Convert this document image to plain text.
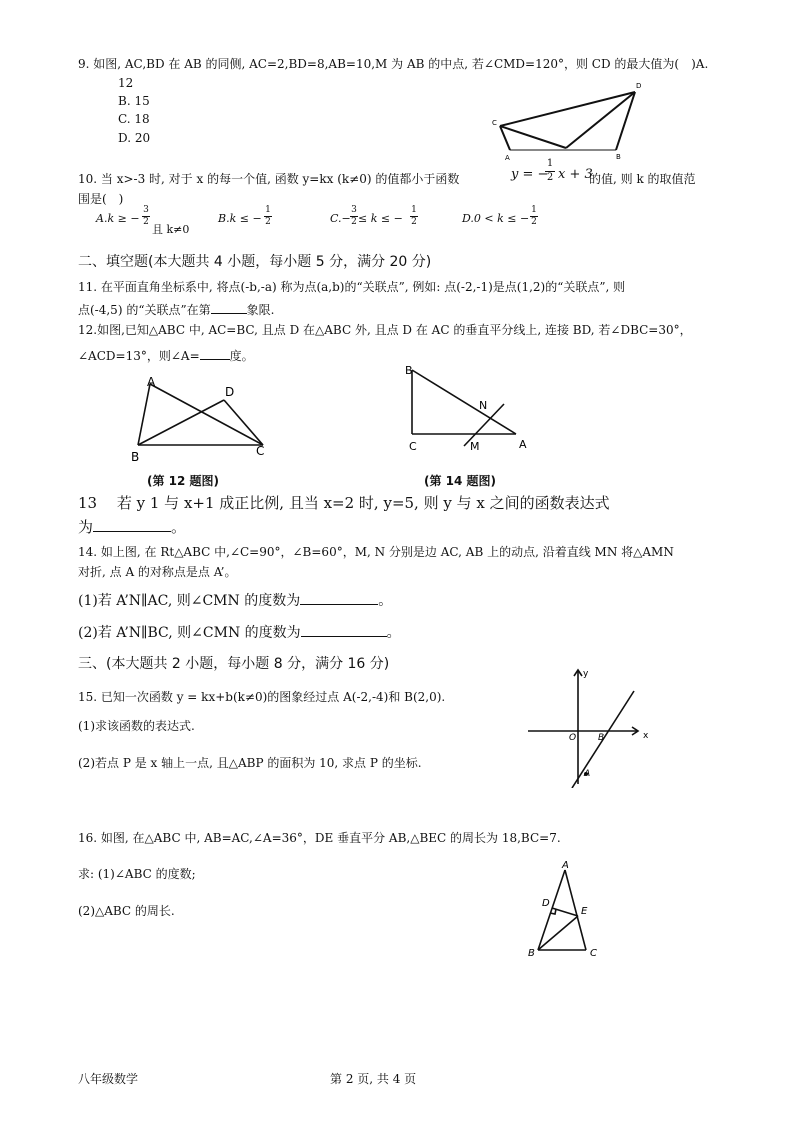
9. 如图, AC,BD 在 AB 的同侧, AC=2,BD=8,AB=10,M 为 AB 的中点, 若∠CMD=120°，则 CD 的最大值为(　)A.
12
B. 15
C. 18
D. 20
C
A
D
B
10. 当 x>-3 时, 对于 x 的每一个值, 函数 y=kx (k≠0) 的值都小于函数	y = −
1
2 x + 3
的值, 则 k 的取值范
围是(　)
A.k ≥ −
3
2
且 k≠0
B.k ≤ −
1
2	C.−
3
2 ≤ k ≤ −
1
2	D.0 < k ≤ −
1
2
二、填空题(本大题共 4 小题，每小题 5 分，满分 20 分)
11. 在平面直角坐标系中, 将点(-b,-a) 称为点(a,b)的“关联点”, 例如: 点(-2,-1)是点(1,2)的“关联点”, 则
点(-4,5) 的“关联点”在第	象限.
12.如图,已知△ABC 中, AC=BC, 且点 D 在△ABC 外, 且点 D 在 AC 的垂直平分线上, 连接 BD, 若∠DBC=30°，
∠ACD=13°，则∠A=	度。
A
D
B	C
(第 12 题图)
B
N
C	M	A
(第 14 题图)
13　 若 y 1 与 x+1 成正比例, 且当 x=2 时, y=5, 则 y 与 x 之间的函数表达式
为	。
14. 如上图, 在 Rt△ABC 中,∠C=90°，∠B=60°，M, N 分别是边 AC, AB 上的动点, 沿着直线 MN 将△AMN
对折, 点 A 的对称点是点 A’。
(1)若 A’N∥AC, 则∠CMN 的度数为	。
(2)若 A’N∥BC, 则∠CMN 的度数为	。
三、(本大题共 2 小题，每小题 8 分，满分 16 分)
15. 已知一次函数 y = kx+b(k≠0)的图象经过点 A(-2,-4)和 B(2,0).
(1)求该函数的表达式.
(2)若点 P 是 x 轴上一点, 且△ABP 的面积为 10, 求点 P 的坐标.
y
x
O B
A
16. 如图, 在△ABC 中, AB=AC,∠A=36°，DE 垂直平分 AB,△BEC 的周长为 18,BC=7.
求: (1)∠ABC 的度数;
(2)△ABC 的周长.
A
D
E
B	C
八年级数学	第 2 页, 共 4 页
